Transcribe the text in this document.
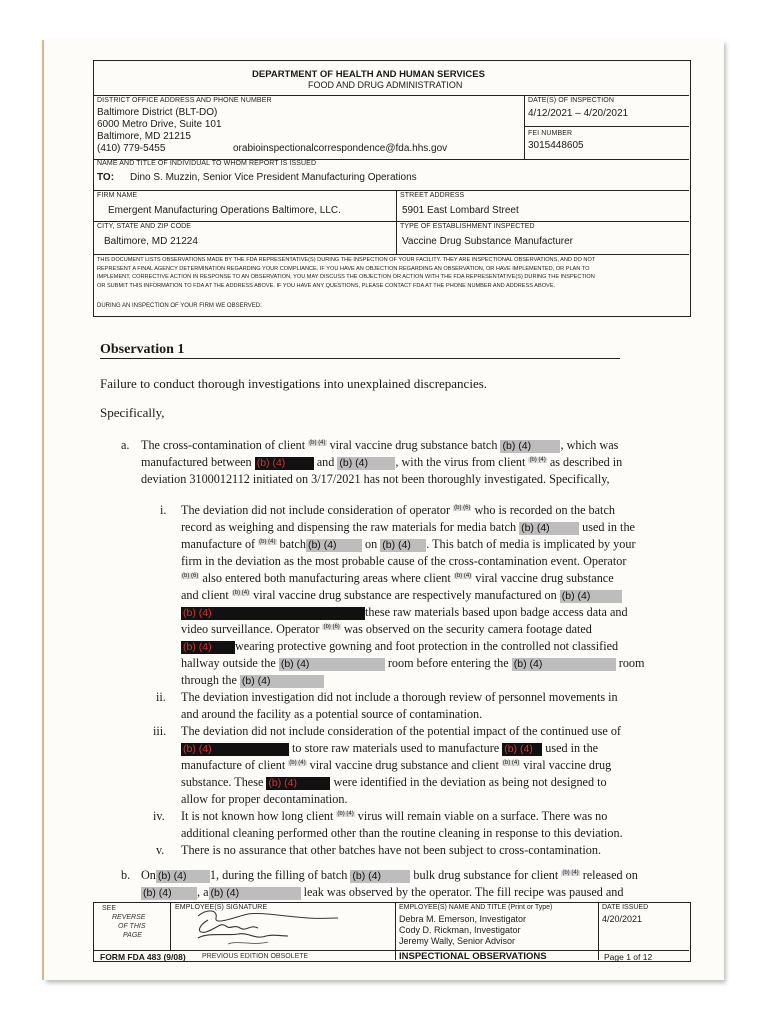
DEPARTMENT OF HEALTH AND HUMAN SERVICES
FOOD AND DRUG ADMINISTRATION
DISTRICT OFFICE ADDRESS AND PHONE NUMBER
Baltimore District (BLT-DO)
6000 Metro Drive, Suite 101
Baltimore, MD 21215
(410) 779-5455	orabioinspectionalcorrespondence@fda.hhs.gov
DATE(S) OF INSPECTION
4/12/2021 – 4/20/2021
FEI NUMBER
3015448605
NAME AND TITLE OF INDIVIDUAL TO WHOM REPORT IS ISSUED
TO: Dino S. Muzzin, Senior Vice President Manufacturing Operations
FIRM NAME
Emergent Manufacturing Operations Baltimore, LLC.
STREET ADDRESS
5901 East Lombard Street
CITY, STATE AND ZIP CODE
Baltimore, MD 21224
TYPE OF ESTABLISHMENT INSPECTED
Vaccine Drug Substance Manufacturer
THIS DOCUMENT LISTS OBSERVATIONS MADE BY THE FDA REPRESENTATIVE(S) DURING THE INSPECTION OF YOUR FACILITY. THEY ARE INSPECTIONAL OBSERVATIONS, AND DO NOT
REPRESENT A FINAL AGENCY DETERMINATION REGARDING YOUR COMPLIANCE. IF YOU HAVE AN OBJECTION REGARDING AN OBSERVATION, OR HAVE IMPLEMENTED, OR PLAN TO
IMPLEMENT, CORRECTIVE ACTION IN RESPONSE TO AN OBSERVATION, YOU MAY DISCUSS THE OBJECTION OR ACTION WITH THE FDA REPRESENTATIVE(S) DURING THE INSPECTION
OR SUBMIT THIS INFORMATION TO FDA AT THE ADDRESS ABOVE. IF YOU HAVE ANY QUESTIONS, PLEASE CONTACT FDA AT THE PHONE NUMBER AND ADDRESS ABOVE.
DURING AN INSPECTION OF YOUR FIRM WE OBSERVED:
Observation 1
Failure to conduct thorough investigations into unexplained discrepancies.
Specifically,
a. The cross-contamination of client $^{(b) (4)}$ viral vaccine drug substance batch (b) (4) , which was
manufactured between (b) (4)	and (b) (4) , with the virus from client $^{(b) (4)}$ as described in
deviation 3100012112 initiated on 3/17/2021 has not been thoroughly investigated. Specifically,
i. The deviation did not include consideration of operator $^{(b) (6)}$ who is recorded on the batch
record as weighing and dispensing the raw materials for media batch (b) (4)	used in the
manufacture of $^{(b) (4)}$ batch (b) (4) on (b) (4) . This batch of media is implicated by your
firm in the deviation as the most probable cause of the cross-contamination event. Operator
$^{(b) (6)}$ also entered both manufacturing areas where client $^{(b) (4)}$ viral vaccine drug substance
and client $^{(b) (4)}$ viral vaccine drug substance are respectively manufactured on (b) (4)
(b) (4)	these raw materials based upon badge access data and
video surveillance. Operator $^{(b) (6)}$ was observed on the security camera footage dated
(b) (4) wearing protective gowning and foot protection in the controlled not classified
hallway outside the (b) (4)	room before entering the (b) (4)	room
through the (b) (4)
ii. The deviation investigation did not include a thorough review of personnel movements in
and around the facility as a potential source of contamination.
iii. The deviation did not include consideration of the potential impact of the continued use of
(b) (4)	to store raw materials used to manufacture (b) (4) used in the
manufacture of client $^{(b) (4)}$ viral vaccine drug substance and client $^{(b) (4)}$ viral vaccine drug
substance. These (b) (4)	were identified in the deviation as being not designed to
allow for proper decontamination.
iv. It is not known how long client $^{(b) (4)}$ virus will remain viable on a surface. There was no
additional cleaning performed other than the routine cleaning in response to this deviation.
v. There is no assurance that other batches have not been subject to cross-contamination.
b. On (b) (4) 1, during the filling of batch (b) (4)	bulk drug substance for client $^{(b) (4)}$ released on
(b) (4) , a (b) (4)	leak was observed by the operator. The fill recipe was paused and
SEE
REVERSE
OF THIS
PAGE
EMPLOYEE(S) SIGNATURE	EMPLOYEE(S) NAME AND TITLE (Print or Type)
Debra M. Emerson, Investigator
Cody D. Rickman, Investigator
Jeremy Wally, Senior Advisor
DATE ISSUED
4/20/2021
FORM FDA 483 (9/08) PREVIOUS EDITION OBSOLETE	INSPECTIONAL OBSERVATIONS	Page 1 of 12
